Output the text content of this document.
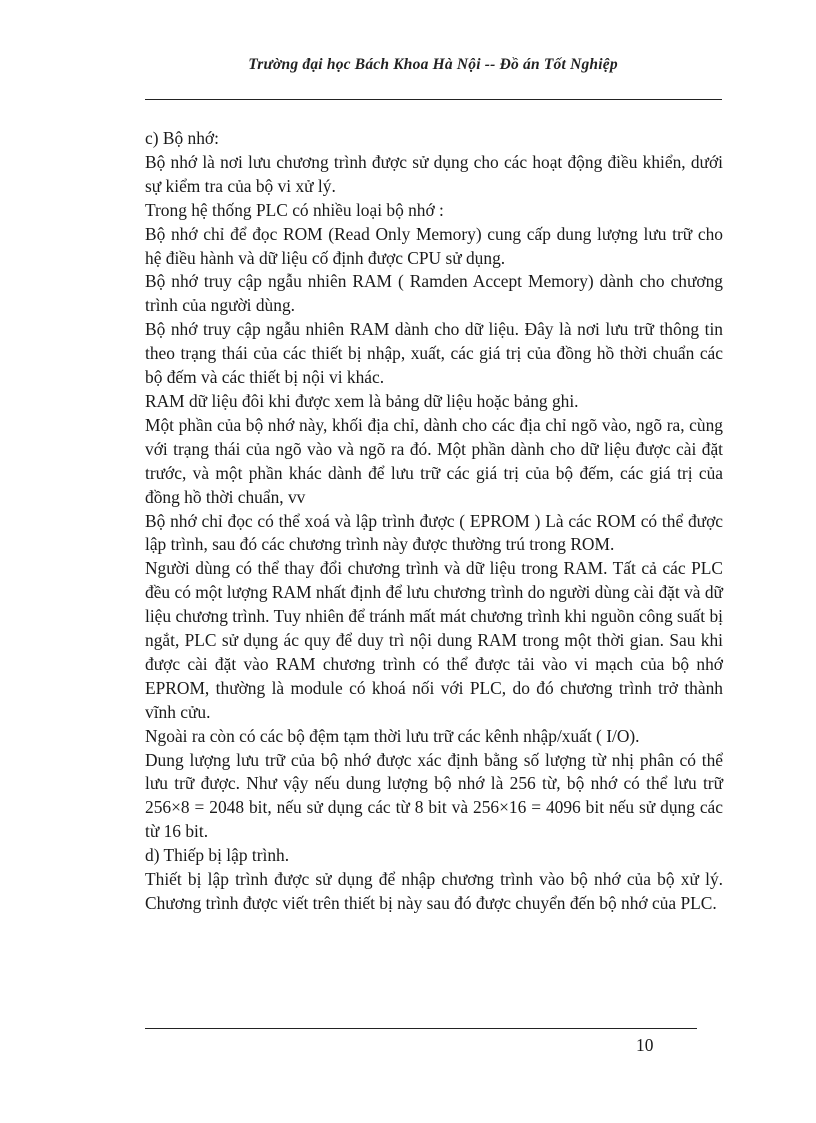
Trường đại học Bách Khoa Hà Nội -- Đồ án Tốt Nghiệp

c) Bộ nhớ:

Bộ nhớ là nơi lưu chương trình được sử dụng cho các hoạt động điều khiển, dưới sự kiểm tra của bộ vi xử lý.

Trong hệ thống PLC có nhiều loại bộ nhớ :

Bộ nhớ chỉ để đọc ROM (Read Only Memory) cung cấp dung lượng lưu trữ cho hệ điều hành và dữ liệu cố định được CPU sử dụng.

Bộ nhớ truy cập ngẫu nhiên RAM ( Ramden Accept Memory) dành cho chương trình của người dùng.

Bộ nhớ truy cập ngẫu nhiên RAM dành cho dữ liệu. Đây là nơi lưu trữ thông tin theo trạng thái của các thiết bị nhập, xuất, các giá trị của đồng hồ thời chuẩn các bộ đếm và các thiết bị nội vi khác.

RAM dữ liệu đôi khi được xem là bảng dữ liệu hoặc bảng ghi.

Một phần của bộ nhớ này, khối địa chỉ, dành cho các địa chỉ ngõ vào, ngõ ra, cùng với trạng thái của ngõ vào và ngõ ra đó. Một phần dành cho dữ liệu được cài đặt trước, và một phần khác dành để lưu trữ các giá trị của bộ đếm, các giá trị của đồng hồ thời chuẩn, vv

Bộ nhớ chỉ đọc có thể xoá và lập trình được ( EPROM ) Là các ROM có thể được lập trình, sau đó các chương trình này được thường trú trong ROM.

Người dùng có thể thay đổi chương trình và dữ liệu trong RAM. Tất cả các PLC đều có một lượng RAM nhất định để lưu chương trình do người dùng cài đặt và dữ liệu chương trình. Tuy nhiên để tránh mất mát chương trình khi nguồn công suất bị ngắt, PLC sử dụng ác quy để duy trì nội dung RAM trong một thời gian. Sau khi được cài đặt vào RAM chương trình có thể được tải vào vi mạch của bộ nhớ EPROM, thường là module có khoá nối với PLC, do đó chương trình trở thành vĩnh cửu.

Ngoài ra còn có các bộ đệm tạm thời lưu trữ các kênh nhập/xuất ( I/O).

Dung lượng lưu trữ của bộ nhớ được xác định bằng số lượng từ nhị phân có thể lưu trữ được. Như vậy nếu dung lượng bộ nhớ là 256 từ, bộ nhớ có thể lưu trữ 256×8 = 2048 bit, nếu sử dụng các từ 8 bit và 256×16 = 4096 bit nếu sử dụng các từ 16 bit.

d) Thiếp bị lập trình.

Thiết bị lập trình được sử dụng để nhập chương trình vào bộ nhớ của bộ xử lý. Chương trình được viết trên thiết bị này sau đó được chuyển đến bộ nhớ của PLC.

10
